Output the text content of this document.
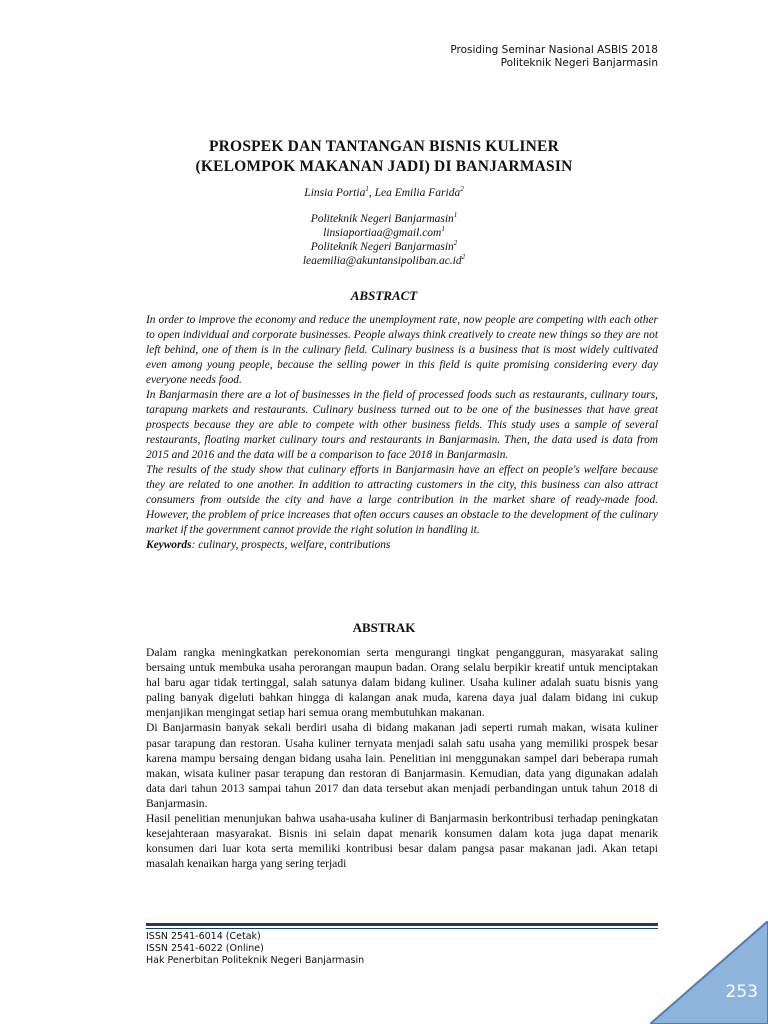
Prosiding Seminar Nasional ASBIS 2018
Politeknik Negeri Banjarmasin
PROSPEK DAN TANTANGAN BISNIS KULINER
(KELOMPOK MAKANAN JADI) DI BANJARMASIN
Linsia Portia$^1$, Lea Emilia Farida$^2$
Politeknik Negeri Banjarmasin$^1$
linsiaportiaa@gmail.com$^1$
Politeknik Negeri Banjarmasin$^2$
$leaemilia@akuntansipoliban.ac.id^2$
ABSTRACT

In order to improve the economy and reduce the unemployment rate, now people are competing with each other to open individual and corporate businesses. People always think creatively to create new things so they are not left behind, one of them is in the culinary field. Culinary business is a business that is most widely cultivated even among young people, because the selling power in this field is quite promising considering every day everyone needs food.

In Banjarmasin there are a lot of businesses in the field of processed foods such as restaurants, culinary tours, tarapung markets and restaurants. Culinary business turned out to be one of the businesses that have great prospects because they are able to compete with other business fields. This study uses a sample of several restaurants, floating market culinary tours and restaurants in Banjarmasin. Then, the data used is data from 2015 and 2016 and the data will be a comparison to face 2018 in Banjarmasin.

The results of the study show that culinary efforts in Banjarmasin have an effect on people's welfare because they are related to one another. In addition to attracting customers in the city, this business can also attract consumers from outside the city and have a large contribution in the market share of ready-made food. However, the problem of price increases that often occurs causes an obstacle to the development of the culinary market if the government cannot provide the right solution in handling it.

Keywords: culinary, prospects, welfare, contributions

ABSTRAK

Dalam rangka meningkatkan perekonomian serta mengurangi tingkat pengangguran, masyarakat saling bersaing untuk membuka usaha perorangan maupun badan. Orang selalu berpikir kreatif untuk menciptakan hal baru agar tidak tertinggal, salah satunya dalam bidang kuliner. Usaha kuliner adalah suatu bisnis yang paling banyak digeluti bahkan hingga di kalangan anak muda, karena daya jual dalam bidang ini cukup menjanjikan mengingat setiap hari semua orang membutuhkan makanan.

Di Banjarmasin banyak sekali berdiri usaha di bidang makanan jadi seperti rumah makan, wisata kuliner pasar tarapung dan restoran. Usaha kuliner ternyata menjadi salah satu usaha yang memiliki prospek besar karena mampu bersaing dengan bidang usaha lain. Penelitian ini menggunakan sampel dari beberapa rumah makan, wisata kuliner pasar terapung dan restoran di Banjarmasin. Kemudian, data yang digunakan adalah data dari tahun 2013 sampai tahun 2017 dan data tersebut akan menjadi perbandingan untuk tahun 2018 di Banjarmasin.

Hasil penelitian menunjukan bahwa usaha-usaha kuliner di Banjarmasin berkontribusi terhadap peningkatan kesejahteraan masyarakat. Bisnis ini selain dapat menarik konsumen dalam kota juga dapat menarik konsumen dari luar kota serta memiliki kontribusi besar dalam pangsa pasar makanan jadi. Akan tetapi masalah kenaikan harga yang sering terjadi

ISSN 2541-6014 (Cetak)
ISSN 2541-6022 (Online)
Hak Penerbitan Politeknik Negeri Banjarmasin
253
